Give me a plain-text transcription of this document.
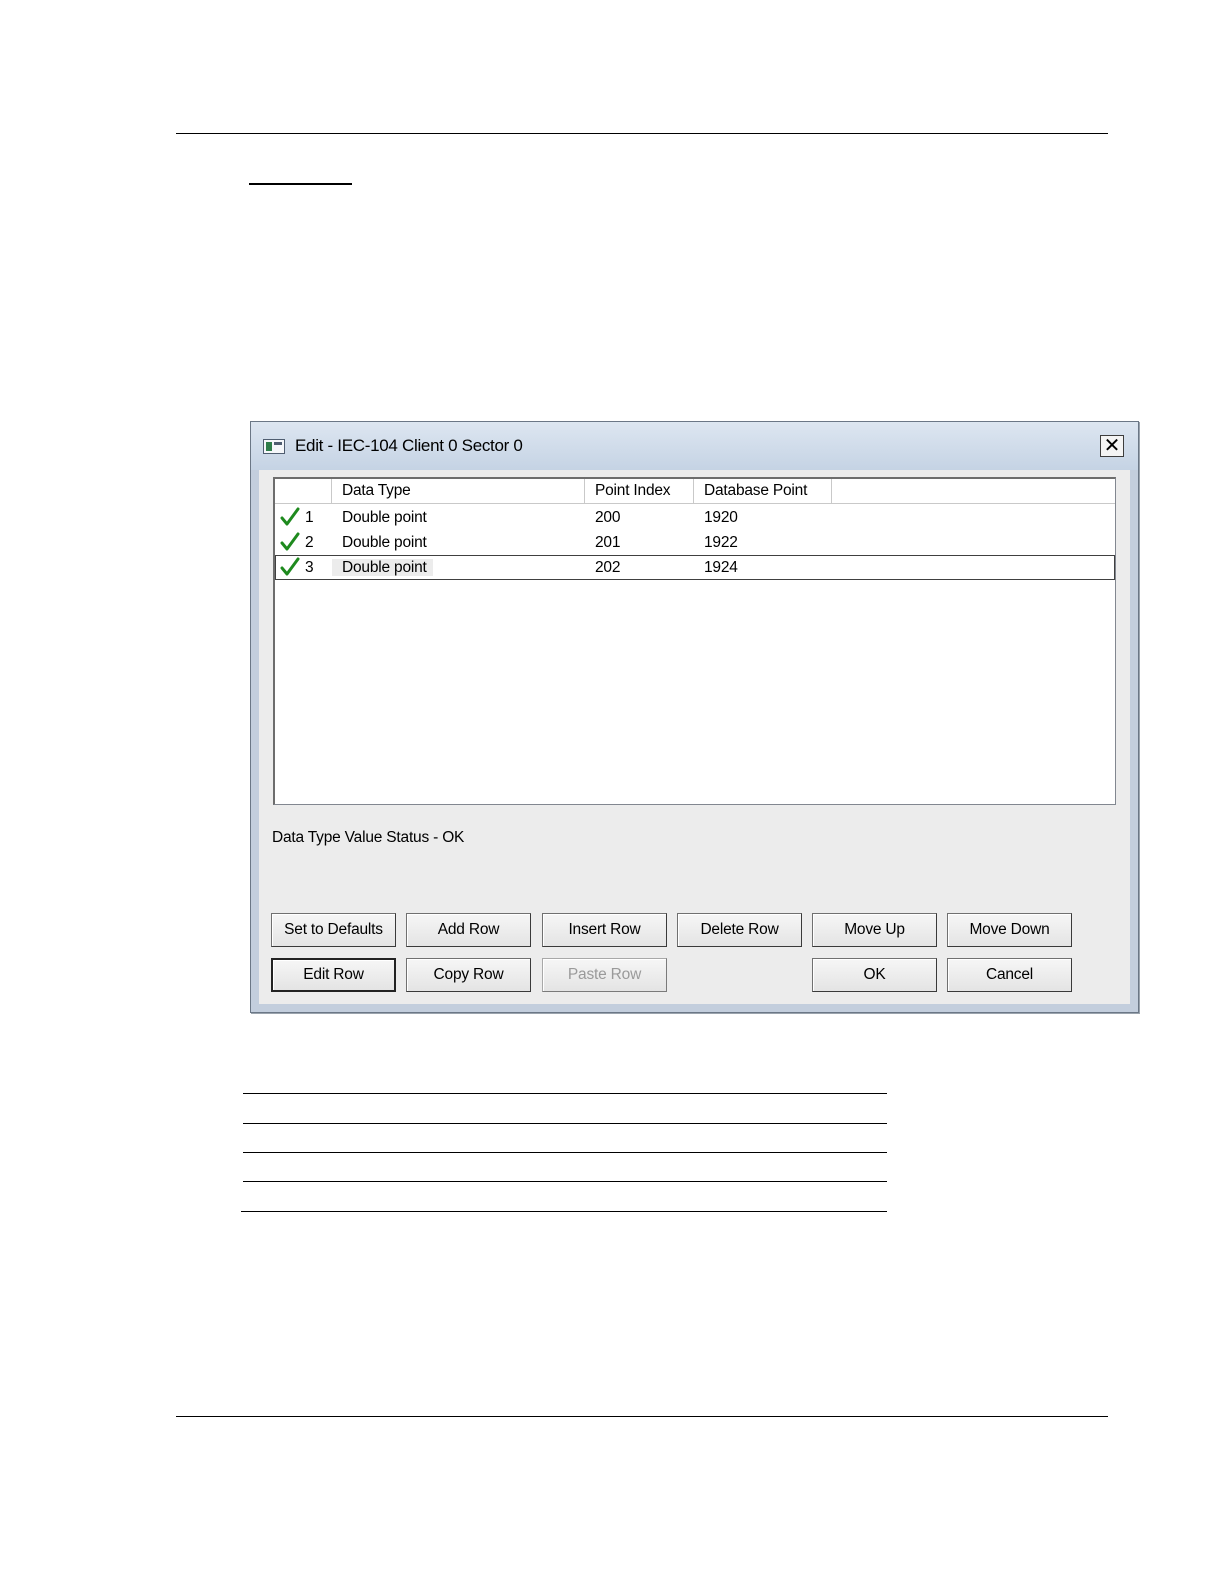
Edit - IEC-104 Client 0 Sector 0	✕
Data Type	Point Index	Database Point
1 Double point	200	1920
2 Double point	201	1922
3 Double point	202	1924
Data Type Value Status - OK
Set to Defaults	Add Row	Insert Row	Delete Row	Move Up	Move Down
Edit Row	Copy Row	Paste Row	OK	Cancel
